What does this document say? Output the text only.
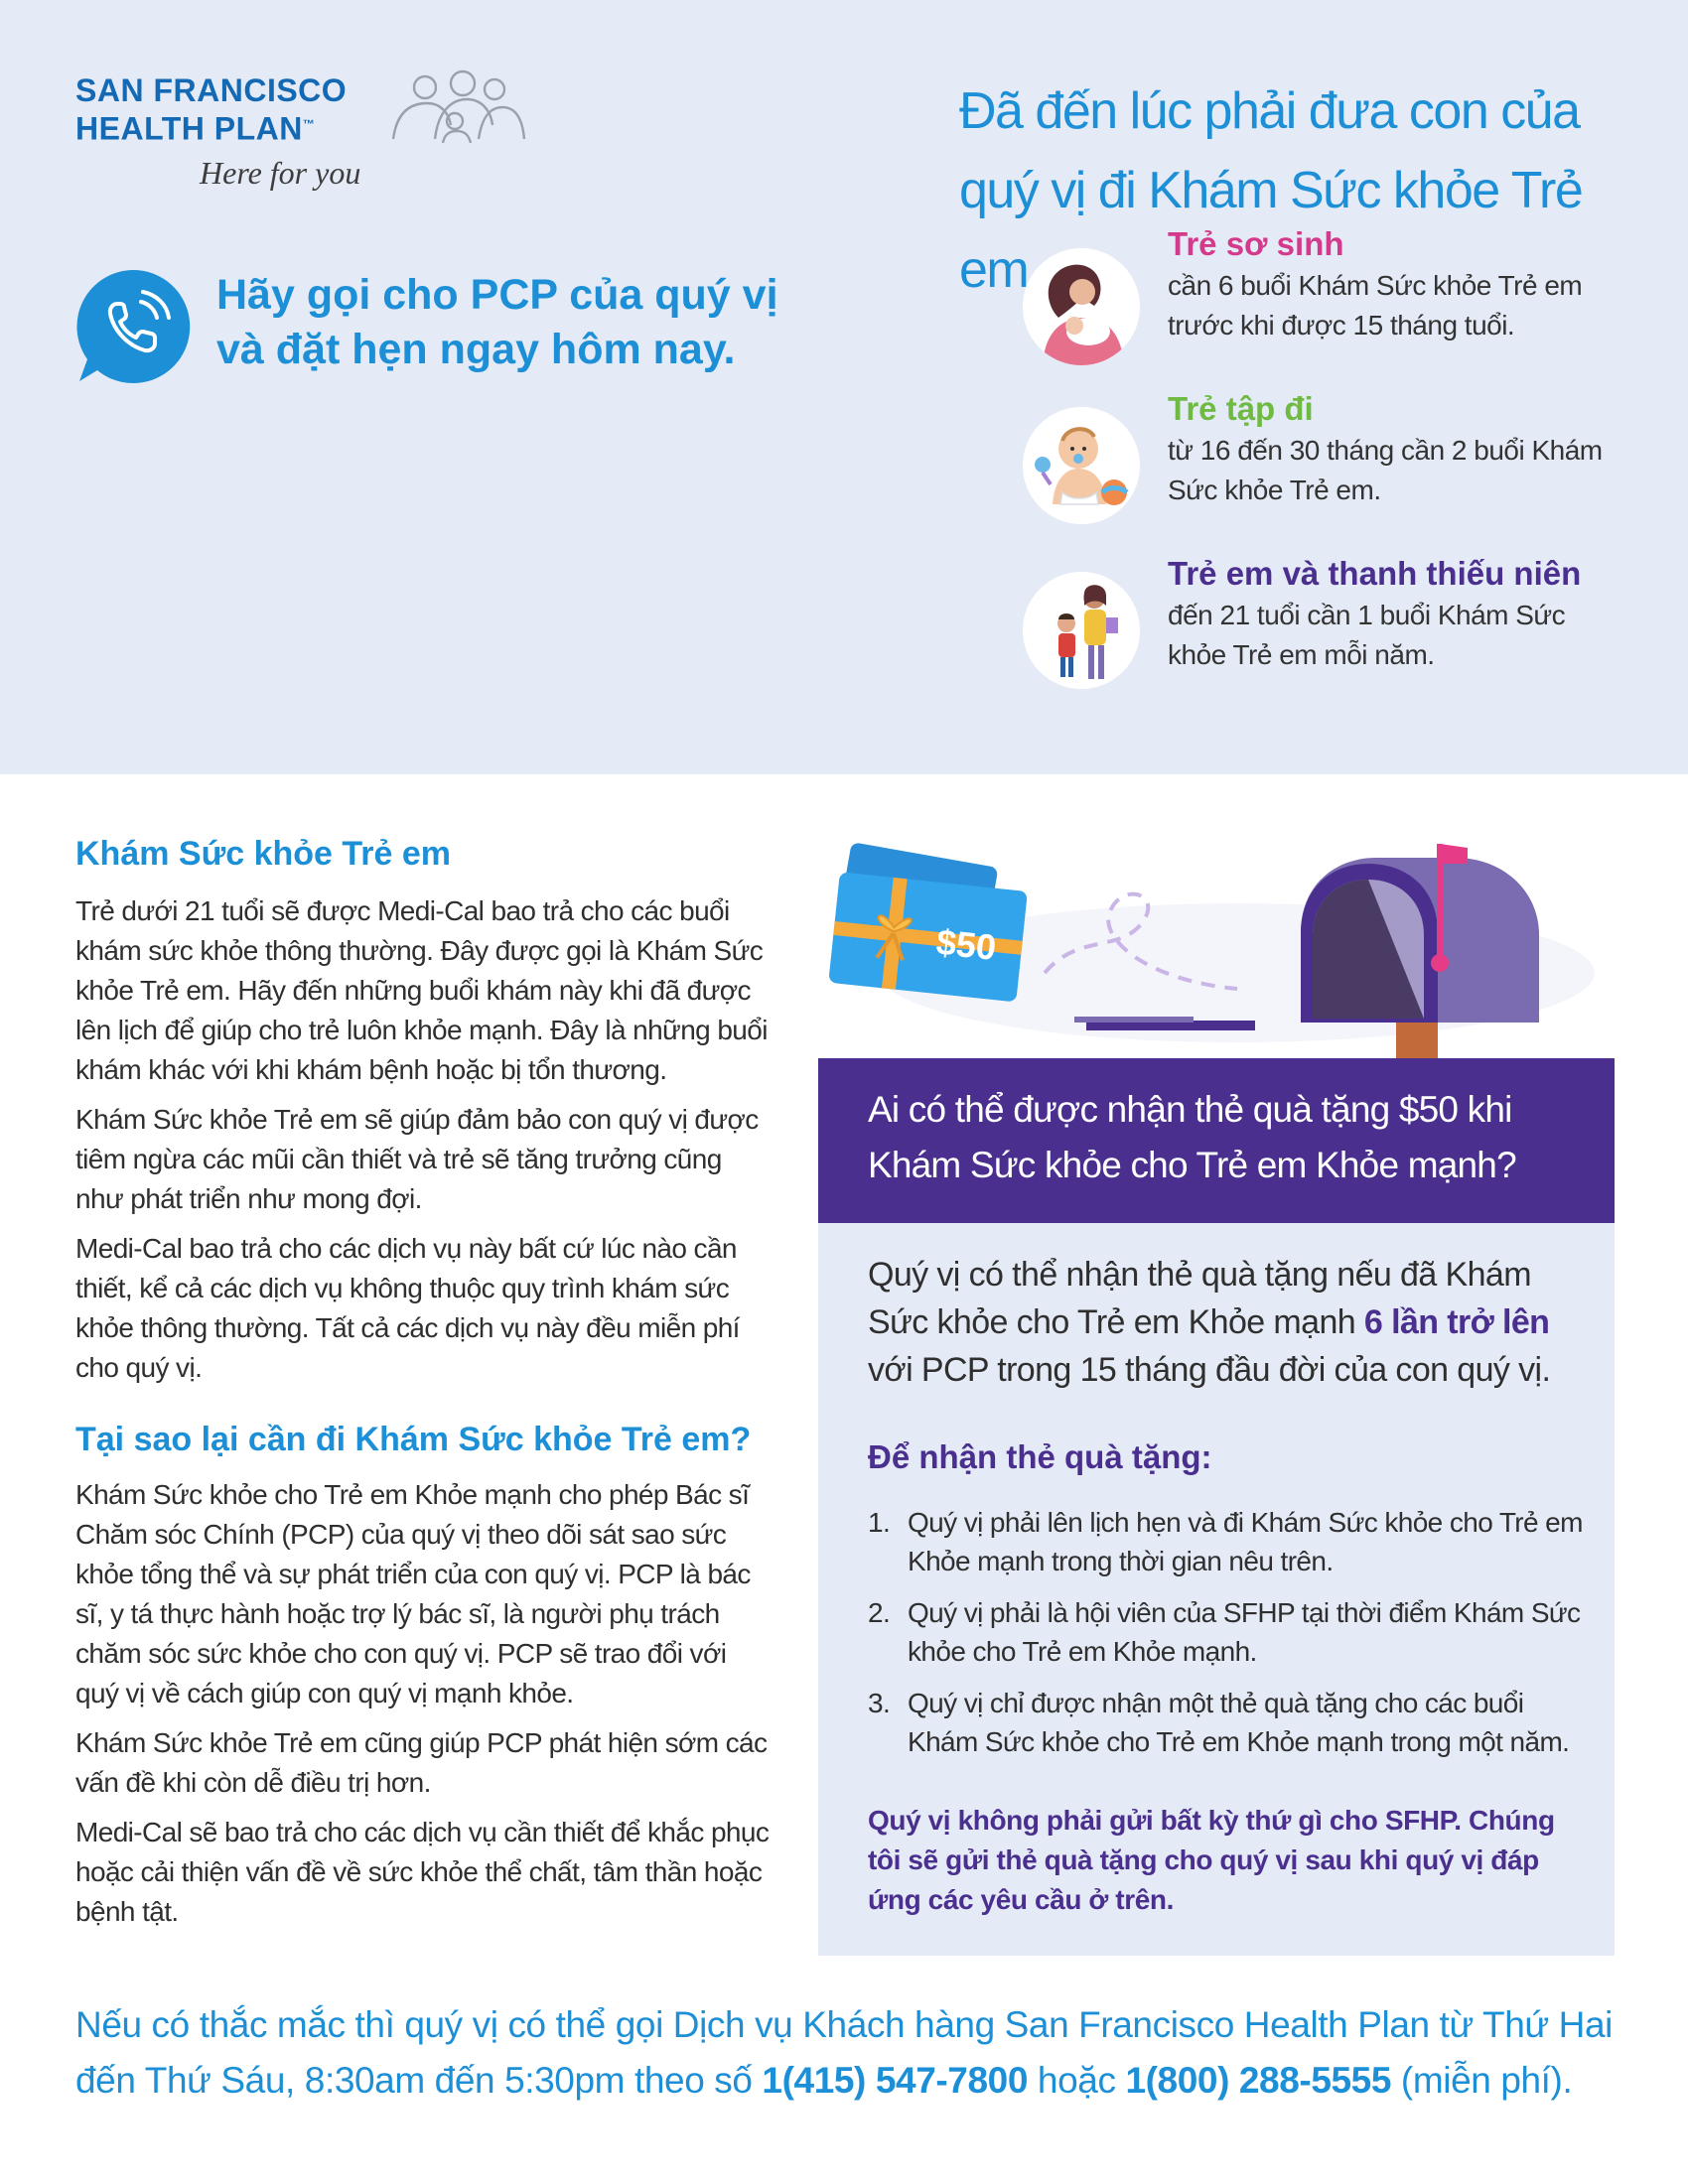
SAN FRANCISCO
HEALTH PLAN™
Here for you
Hãy gọi cho PCP của quý vị
và đặt hẹn ngay hôm nay.
Đã đến lúc phải đưa con của
quý vị đi Khám Sức khỏe Trẻ em	Trẻ sơ sinh
cần 6 buổi Khám Sức khỏe Trẻ em
trước khi được 15 tháng tuổi.
Trẻ tập đi
từ 16 đến 30 tháng cần 2 buổi Khám
Sức khỏe Trẻ em.
Trẻ em và thanh thiếu niên
đến 21 tuổi cần 1 buổi Khám Sức
khỏe Trẻ em mỗi năm.
Khám Sức khỏe Trẻ em

Trẻ dưới 21 tuổi sẽ được Medi-Cal bao trả cho các buổi khám sức khỏe thông thường. Đây được gọi là Khám Sức khỏe Trẻ em. Hãy đến những buổi khám này khi đã được lên lịch để giúp cho trẻ luôn khỏe mạnh. Đây là những buổi khám khác với khi khám bệnh hoặc bị tổn thương.

Khám Sức khỏe Trẻ em sẽ giúp đảm bảo con quý vị được tiêm ngừa các mũi cần thiết và trẻ sẽ tăng trưởng cũng như phát triển như mong đợi.

Medi-Cal bao trả cho các dịch vụ này bất cứ lúc nào cần thiết, kể cả các dịch vụ không thuộc quy trình khám sức khỏe thông thường. Tất cả các dịch vụ này đều miễn phí cho quý vị.

Tại sao lại cần đi Khám Sức khỏe Trẻ em?

Khám Sức khỏe cho Trẻ em Khỏe mạnh cho phép Bác sĩ Chăm sóc Chính (PCP) của quý vị theo dõi sát sao sức khỏe tổng thể và sự phát triển của con quý vị. PCP là bác sĩ, y tá thực hành hoặc trợ lý bác sĩ, là người phụ trách chăm sóc sức khỏe cho con quý vị. PCP sẽ trao đổi với quý vị về cách giúp con quý vị mạnh khỏe.

Khám Sức khỏe Trẻ em cũng giúp PCP phát hiện sớm các vấn đề khi còn dễ điều trị hơn.

Medi-Cal sẽ bao trả cho các dịch vụ cần thiết để khắc phục hoặc cải thiện vấn đề về sức khỏe thể chất, tâm thần hoặc bệnh tật.

$50
Ai có thể được nhận thẻ quà tặng $50 khi Khám Sức khỏe cho Trẻ em Khỏe mạnh?

Quý vị có thể nhận thẻ quà tặng nếu đã Khám Sức khỏe cho Trẻ em Khỏe mạnh 6 lần trở lên với PCP trong 15 tháng đầu đời của con quý vị.

Để nhận thẻ quà tặng:
1. Quý vị phải lên lịch hẹn và đi Khám Sức khỏe cho Trẻ em Khỏe mạnh trong thời gian nêu trên.
2. Quý vị phải là hội viên của SFHP tại thời điểm Khám Sức khỏe cho Trẻ em Khỏe mạnh.
3. Quý vị chỉ được nhận một thẻ quà tặng cho các buổi Khám Sức khỏe cho Trẻ em Khỏe mạnh trong một năm.

Quý vị không phải gửi bất kỳ thứ gì cho SFHP. Chúng tôi sẽ gửi thẻ quà tặng cho quý vị sau khi quý vị đáp ứng các yêu cầu ở trên.

Nếu có thắc mắc thì quý vị có thể gọi Dịch vụ Khách hàng San Francisco Health Plan từ Thứ Hai đến Thứ Sáu, 8:30am đến 5:30pm theo số 1(415) 547-7800 hoặc 1(800) 288-5555 (miễn phí).
